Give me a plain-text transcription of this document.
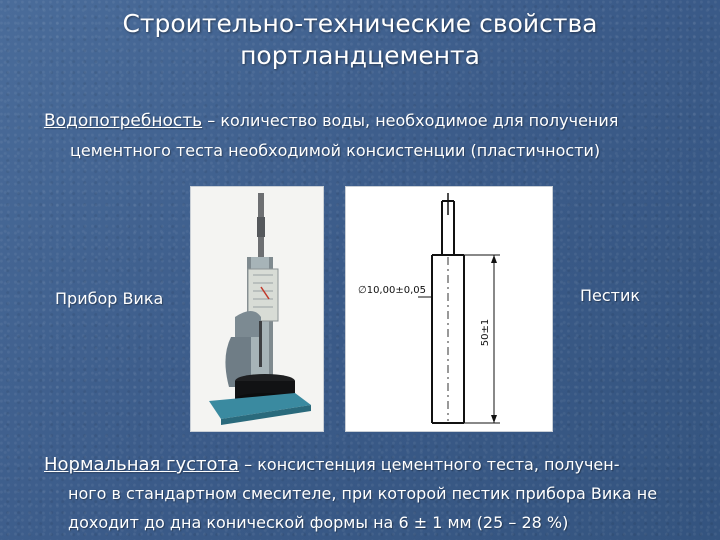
Строительно-технические свойства
портландцемента
Водопотребность – количество воды, необходимое для получения
цементного теста необходимой консистенции (пластичности)
Прибор Вика	∅10,00±0,05
50±1
Пестик
Нормальная густота – консистенция цементного теста, получен-
ного в стандартном смесителе, при которой пестик прибора Вика не
доходит до дна конической формы на 6 ± 1 мм (25 – 28 %)
